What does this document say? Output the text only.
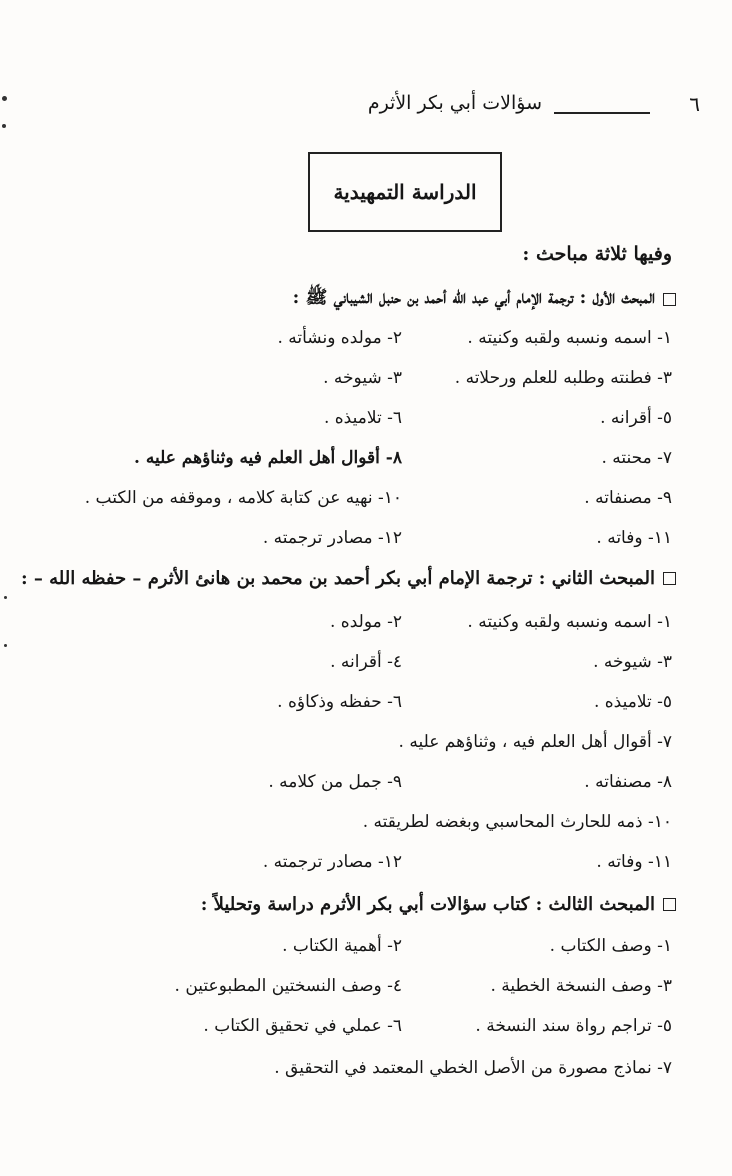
٦
سؤالات أبي بكر الأثرم
الدراسة التمهيدية
وفيها ثلاثة مباحث :
المبحث الأول : ترجمة الإمام أبي عبد الله أحمد بن حنبل الشيباني ﷺ :
١- اسمه ونسبه ولقبه وكنيته .
٢- مولده ونشأته .
٣- فطنته وطلبه للعلم ورحلاته .
٣- شيوخه .
٥- أقرانه .
٦- تلاميذه .
٧- محنته .
٨- أقوال أهل العلم فيه وثناؤهم عليه .
٩- مصنفاته .
١٠- نهيه عن كتابة كلامه ، وموقفه من الكتب .
١١- وفاته .
١٢- مصادر ترجمته .
المبحث الثاني : ترجمة الإمام أبي بكر أحمد بن محمد بن هانئ الأثرم – حفظه الله – :
١- اسمه ونسبه ولقبه وكنيته .
٢- مولده .
٣- شيوخه .
٤- أقرانه .
٥- تلاميذه .
٦- حفظه وذكاؤه .
٧- أقوال أهل العلم فيه ، وثناؤهم عليه .
٨- مصنفاته .
٩- جمل من كلامه .
١٠- ذمه للحارث المحاسبي وبغضه لطريقته .
١١- وفاته .
١٢- مصادر ترجمته .
المبحث الثالث : كتاب سؤالات أبي بكر الأثرم دراسة وتحليلاً :
١- وصف الكتاب .
٢- أهمية الكتاب .
٣- وصف النسخة الخطية .
٤- وصف النسختين المطبوعتين .
٥- تراجم رواة سند النسخة .
٦- عملي في تحقيق الكتاب .
٧- نماذج مصورة من الأصل الخطي المعتمد في التحقيق .
